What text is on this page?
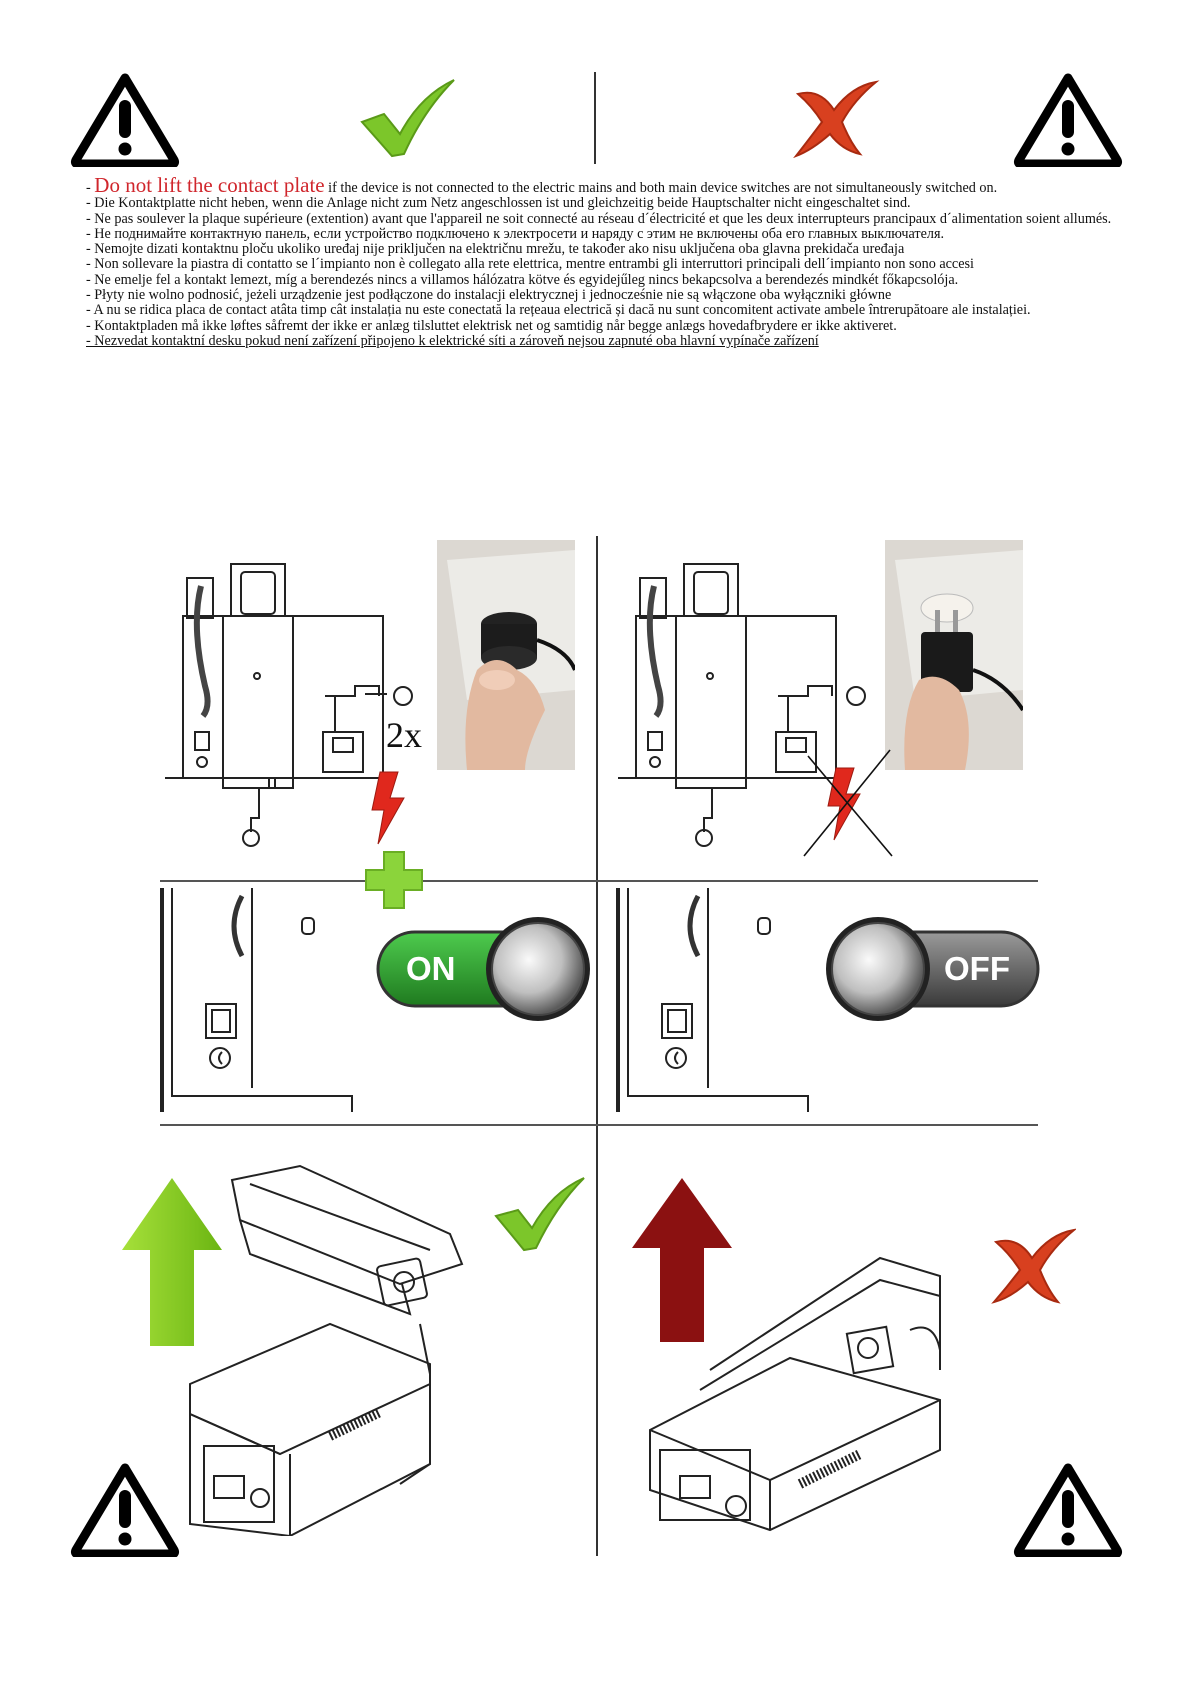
- Do not lift the contact plate if the device is not connected to the electric mains and both main device switches are not simultaneously switched on.

- Die Kontaktplatte nicht heben, wenn die Anlage nicht zum Netz angeschlossen ist und gleichzeitig beide Hauptschalter nicht eingeschaltet sind.

- Ne pas soulever la plaque supérieure (extention) avant que l'appareil ne soit connecté au réseau d´électricité et que les deux interrupteurs prancipaux d´alimentation soient allumés.

- Не поднимайте контактную панель, если устройство подключено к электросети и наряду с этим не включены оба его главных выключателя.

- Nemojte dizati kontaktnu ploču ukoliko uređaj nije priključen na električnu mrežu, te također ako nisu uključena oba glavna prekidača uređaja

- Non sollevare la piastra di contatto se l´impianto non è collegato alla rete elettrica, mentre entrambi gli interruttori principali dell´impianto non sono accesi

- Ne emelje fel a kontakt lemezt, míg a berendezés nincs a villamos hálózatra kötve és egyidejűleg nincs bekapcsolva a berendezés mindkét főkapcsolója.

- Płyty nie wolno podnosić, jeżeli urządzenie jest podłączone do instalacji elektrycznej i jednocześnie nie są włączone oba wyłączniki główne

- A nu se ridica placa de contact atâta timp cât instalația nu este conectată la rețeaua electrică și dacă nu sunt concomitent activate ambele întrerupătoare ale instalației.

- Kontaktpladen må ikke løftes såfremt der ikke er anlæg tilsluttet elektrisk net og samtidig når begge anlægs hovedafbrydere er ikke aktiveret.

- Nezvedat kontaktní desku pokud není zařízení připojeno k elektrické síti a zároveň nejsou zapnuté oba hlavní vypínače zařízení

2x
ON	OFF
